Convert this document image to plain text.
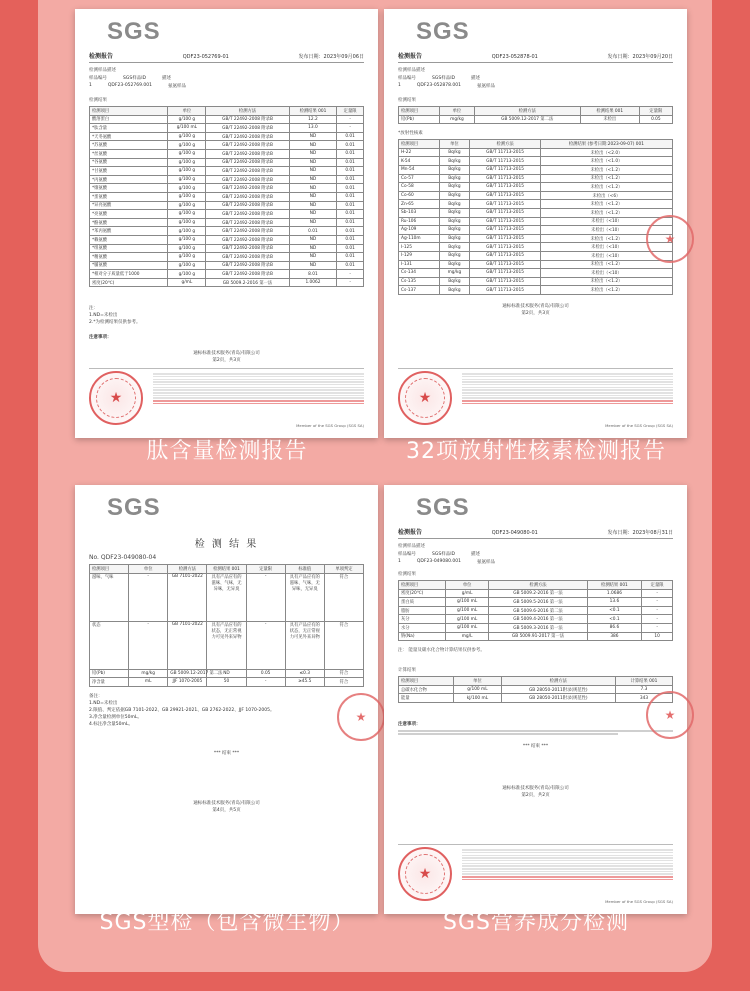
SGS
检测报告	QDF23-052769-01	发布日期：2023年09月06日
检测样品描述
样品编号	SGS样品ID	描述
1	QDF23-052769.001	氨氨样品
检测结果
检测项目	单位	检测方法	检测结果 001	定量限
酸溶蛋白	g/100 g	GB/T 22492-2008 附录B	12.2	-
*肽含量	g/100 mL	GB/T 22492-2008 附录B	13.0	-
*天冬氨酸	g/100 g	GB/T 22492-2008 附录B	ND	0.01
*苏氨酸	g/100 g	GB/T 22492-2008 附录B	ND	0.01
*丝氨酸	g/100 g	GB/T 22492-2008 附录B	ND	0.01
*谷氨酸	g/100 g	GB/T 22492-2008 附录B	ND	0.01
*甘氨酸	g/100 g	GB/T 22492-2008 附录B	ND	0.01
*丙氨酸	g/100 g	GB/T 22492-2008 附录B	ND	0.01
*缬氨酸	g/100 g	GB/T 22492-2008 附录B	ND	0.01
*蛋氨酸	g/100 g	GB/T 22492-2008 附录B	ND	0.01
*异亮氨酸	g/100 g	GB/T 22492-2008 附录B	ND	0.01
*亮氨酸	g/100 g	GB/T 22492-2008 附录B	ND	0.01
*酪氨酸	g/100 g	GB/T 22492-2008 附录B	ND	0.01
*苯丙氨酸	g/100 g	GB/T 22492-2008 附录B	0.01	0.01
*赖氨酸	g/100 g	GB/T 22492-2008 附录B	ND	0.01
*组氨酸	g/100 g	GB/T 22492-2008 附录B	ND	0.01
*精氨酸	g/100 g	GB/T 22492-2008 附录B	ND	0.01
*脯氨酸	g/100 g	GB/T 22492-2008 附录B	ND	0.01
*相对分子质量低于1000	g/100 g	GB/T 22492-2008 附录B	8.01	-
密度(20℃)	g/mL	GB 5009.2-2016 第一法	1.0062	-
注：
1.ND=未检出
2.*为检测结果仅供参考。
注意事项：
通标标准技术服务(青岛)有限公司
第2页，共3页
★
Member of the SGS Group (SGS SA)
SGS
检测报告	QDF23-052878-01	发布日期：2023年09月20日
检测样品描述
样品编号	SGS样品ID	描述
1	QDF23-052878.001	氨氨样品
检测结果
检测项目	单位	检测方法	检测结果 001	定量限
铅(Pb)	mg/kg	GB 5009.12-2017 第二法	未检出	0.05
*放射性核素
检测项目	单位	检测方法	检测结果 (参考日期:2023-09-07) 001
H-22	Bq/kg	GB/T 11713-2015	未检出（<2.0）
K-54	Bq/kg	GB/T 11713-2015	未检出（<1.0）
Mn-54	Bq/kg	GB/T 11713-2015	未检出（<1.2）
Co-57	Bq/kg	GB/T 11713-2015	未检出（<1.2）
Co-58	Bq/kg	GB/T 11713-2015	未检出（<1.2）
Co-60	Bq/kg	GB/T 11713-2015	未检出（<6）
Zn-65	Bq/kg	GB/T 11713-2015	未检出（<1.2）
Sb-103	Bq/kg	GB/T 11713-2015	未检出（<1.2）
Ru-106	Bq/kg	GB/T 11713-2015	未检出（<10）
Ag-109	Bq/kg	GB/T 11713-2015	未检出（<10）
Ag-110m	Bq/kg	GB/T 11713-2015	未检出（<1.2）
I-125	Bq/kg	GB/T 11713-2015	未检出（<10）
I-129	Bq/kg	GB/T 11713-2015	未检出（<10）
I-131	Bq/kg	GB/T 11713-2015	未检出（<1.2）
Cs-134	mg/kg	GB/T 11713-2015	未检出（<10）
Cs-135	Bq/kg	GB/T 11713-2015	未检出（<1.2）
Cs-137	Bq/kg	GB/T 11713-2015	未检出（<1.2）
通标标准技术服务(青岛)有限公司
第2页，共3页
★
Member of the SGS Group (SGS SA)
★
SGS
检 测 结 果
No. QDF23-049080-04
检测项目	单位	检测方法	检测结果 001	定量限	标准值	单项判定
滋味、气味	-	GB 7101-2022	具有产品应有的滋味、气味，无异味，无异臭	-	具有产品应有的滋味、气味，无异味，无异臭	符合
状态	-	GB 7101-2022	具有产品应有的状态，无正常视力可见外来异物	-	具有产品应有的状态，无正常视力可见外来异物	符合
铅(Pb)	mg/kg	GB 5009.12-2017 第二法	ND	0.05	≤0.3	符合
净含量	mL	JJF 1070-2005	50	-	≥45.5	符合
备注：
1.ND=未检出
2.限值、判定依据GB 7101-2022、GB 29921-2021、GB 2762-2022、JJF 1070-2005。
3.净含量检测单位50mL。
4.标注净含量50mL。
*** 结束 ***
通标标准技术服务(青岛)有限公司
第4页，共5页
★
SGS
检测报告	QDF23-049080-01	发布日期：2023年08月31日
检测样品描述
样品编号	SGS样品ID	描述
1	QDF23-049080.001	氨氨样品
检测结果
检测项目	单位	检测方法	检测结果 001	定量限
密度(20℃)	g/mL	GB 5009.2-2016 第一法	1.0686	-
蛋白质	g/100 mL	GB 5009.5-2016 第一法	13.6	-
脂肪	g/100 mL	GB 5009.6-2016 第二法	<0.1	-
灰分	g/100 mL	GB 5009.4-2016 第一法	<0.1	-
水分	g/100 mL	GB 5009.3-2016 第一法	86.6	-
钠(Na)	mg/L	GB 5009.91-2017 第一法	386	10
注： 能量及碳水化合物计算结果仅供参考。
计算结果
检测项目	单位	检测方法	计算结果 001
总碳水化合物	g/100 mL	GB 28050-2011附录(规范性)	7.3
能量	kJ/100 mL	GB 28050-2011附录(规范性)	343
注意事项：
*** 结束 ***
通标标准技术服务(青岛)有限公司
第2页，共2页
★
Member of the SGS Group (SGS SA)
★
肽含量检测报告	32项放射性核素检测报告
SGS型检（包含微生物）	SGS营养成分检测
